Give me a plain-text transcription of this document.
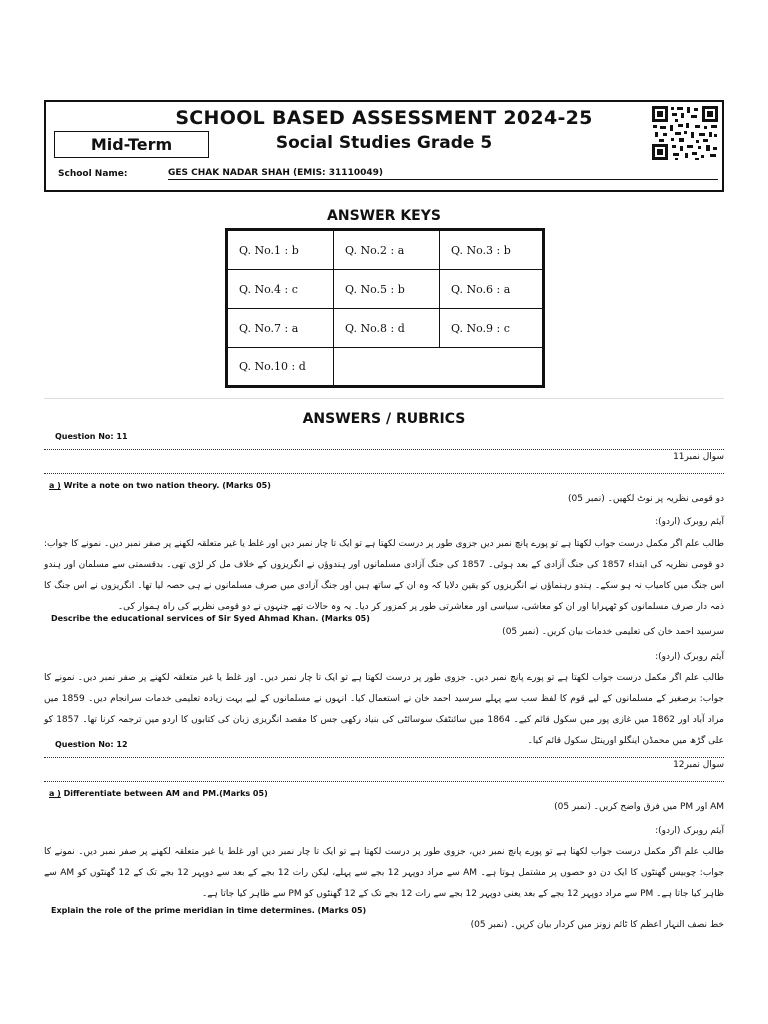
SCHOOL BASED ASSESSMENT 2024-25
Social Studies Grade 5
Mid-Term
School Name:	GES CHAK NADAR SHAH (EMIS: 31110049)
ANSWER KEYS
Q. No.1 : b	Q. No.2 : a	Q. No.3 : b
Q. No.4 : c	Q. No.5 : b	Q. No.6 : a
Q. No.7 : a	Q. No.8 : d	Q. No.9 : c
Q. No.10 : d
ANSWERS / RUBRICS
Question No: 11
سوال نمبر11
a ) Write a note on two nation theory. (Marks 05)
دو قومی نظریہ پر نوٹ لکھیں۔ (نمبر 05)
آیئم روبرک (اردو):
طالب علم اگر مکمل درست جواب لکھتا ہے تو پورے پانچ نمبر دیں جزوی طور پر درست لکھتا ہے تو ایک تا چار نمبر دیں اور غلط یا غیر متعلقہ لکھنے پر صفر نمبر دیں۔ نمونے کا جواب: دو قومی نظریہ کی ابتداء 1857 کی جنگ آزادی کے بعد ہوئی۔ 1857 کی جنگ آزادی مسلمانوں اور ہندوؤں نے انگریزوں کے خلاف مل کر لڑی تھی۔ بدقسمتی سے مسلمان اور ہندو اس جنگ میں کامیاب نہ ہو سکے۔ ہندو رہنماؤں نے انگریزوں کو یقین دلایا کہ وہ ان کے ساتھ ہیں اور جنگ آزادی میں صرف مسلمانوں نے ہی حصہ لیا تھا۔ انگریزوں نے اس جنگ کا ذمہ دار صرف مسلمانوں کو ٹھہرایا اور ان کو معاشی، سیاسی اور معاشرتی طور پر کمزور کر دیا۔ یہ وہ حالات تھے جنہوں نے دو قومی نظریے کی راہ ہموار کی۔
Describe the educational services of Sir Syed Ahmad Khan. (Marks 05)
سرسید احمد خان کی تعلیمی خدمات بیان کریں۔ (نمبر 05)
آیئم روبرک (اردو):
طالب علم اگر مکمل درست جواب لکھتا ہے تو پورے پانچ نمبر دیں۔ جزوی طور پر درست لکھتا ہے تو ایک تا چار نمبر دیں۔ اور غلط یا غیر متعلقہ لکھنے پر صفر نمبر دیں۔ نمونے کا جواب: برصغیر کے مسلمانوں کے لیے قوم کا لفظ سب سے پہلے سرسید احمد خان نے استعمال کیا۔ انہوں نے مسلمانوں کے لیے بہت زیادہ تعلیمی خدمات سرانجام دیں۔ 1859 میں مراد آباد اور 1862 میں غازی پور میں سکول قائم کیے۔ 1864 میں سائنٹفک سوسائٹی کی بنیاد رکھی جس کا مقصد انگریزی زبان کی کتابوں کا اردو میں ترجمہ کرنا تھا۔ 1857 کو علی گڑھ میں محمڈن اینگلو اورینٹل سکول قائم کیا۔
Question No: 12
سوال نمبر12
a ) Differentiate between AM and PM.(Marks 05)
AM اور PM میں فرق واضح کریں۔ (نمبر 05)
آیئم روبرک (اردو):
طالب علم اگر مکمل درست جواب لکھتا ہے تو پورے پانچ نمبر دیں، جزوی طور پر درست لکھتا ہے تو ایک تا چار نمبر دیں اور غلط یا غیر متعلقہ لکھنے پر صفر نمبر دیں۔ نمونے کا جواب: چوبیس گھنٹوں کا ایک دن دو حصوں پر مشتمل ہوتا ہے۔ AM سے مراد دوپہر 12 بجے سے پہلے، لیکن رات 12 بجے کے بعد سے دوپہر 12 بجے تک کے 12 گھنٹوں کو AM سے ظاہر کیا جاتا ہے۔ PM سے مراد دوپہر 12 بجے کے بعد یعنی دوپہر 12 بجے سے رات 12 بجے تک کے 12 گھنٹوں کو PM سے ظاہر کیا جاتا ہے۔
Explain the role of the prime meridian in time determines. (Marks 05)
خط نصف النہار اعظم کا ٹائم زونز میں کردار بیان کریں۔ (نمبر 05)
